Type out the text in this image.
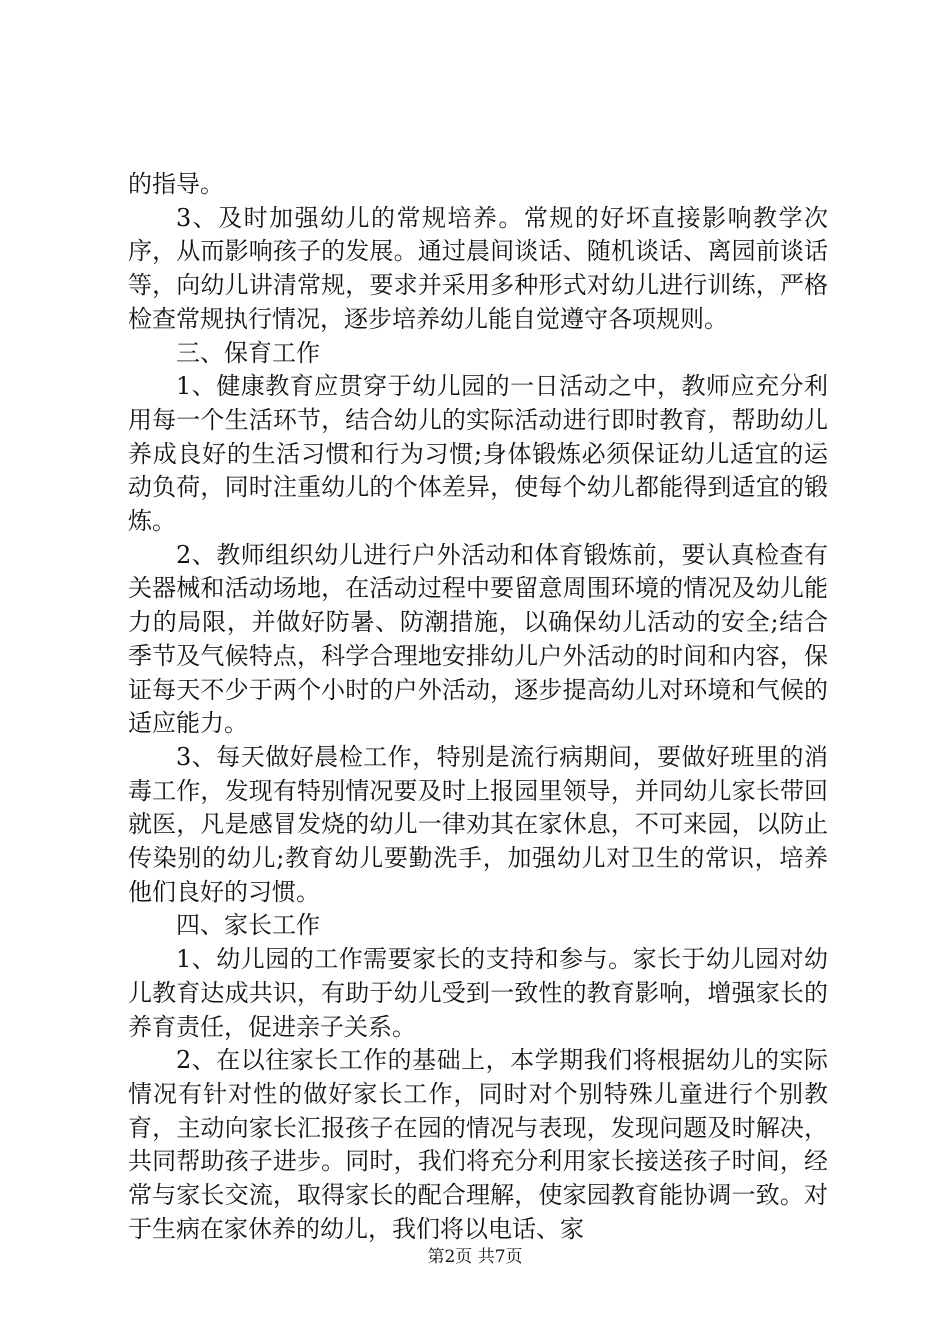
的指导。

3、及时加强幼儿的常规培养。常规的好坏直接影响教学次序，从而影响孩子的发展。通过晨间谈话、随机谈话、离园前谈话等，向幼儿讲清常规，要求并采用多种形式对幼儿进行训练，严格检查常规执行情况，逐步培养幼儿能自觉遵守各项规则。

三、保育工作

1、健康教育应贯穿于幼儿园的一日活动之中，教师应充分利用每一个生活环节，结合幼儿的实际活动进行即时教育，帮助幼儿养成良好的生活习惯和行为习惯;身体锻炼必须保证幼儿适宜的运动负荷，同时注重幼儿的个体差异，使每个幼儿都能得到适宜的锻炼。

2、教师组织幼儿进行户外活动和体育锻炼前，要认真检查有关器械和活动场地，在活动过程中要留意周围环境的情况及幼儿能力的局限，并做好防暑、防潮措施，以确保幼儿活动的安全;结合季节及气候特点，科学合理地安排幼儿户外活动的时间和内容，保证每天不少于两个小时的户外活动，逐步提高幼儿对环境和气候的适应能力。

3、每天做好晨检工作，特别是流行病期间，要做好班里的消毒工作，发现有特别情况要及时上报园里领导，并同幼儿家长带回就医，凡是感冒发烧的幼儿一律劝其在家休息，不可来园，以防止传染别的幼儿;教育幼儿要勤洗手，加强幼儿对卫生的常识，培养他们良好的习惯。

四、家长工作

1、幼儿园的工作需要家长的支持和参与。家长于幼儿园对幼儿教育达成共识，有助于幼儿受到一致性的教育影响，增强家长的养育责任，促进亲子关系。

2、在以往家长工作的基础上，本学期我们将根据幼儿的实际情况有针对性的做好家长工作，同时对个别特殊儿童进行个别教育，主动向家长汇报孩子在园的情况与表现，发现问题及时解决，共同帮助孩子进步。同时，我们将充分利用家长接送孩子时间，经常与家长交流，取得家长的配合理解，使家园教育能协调一致。对于生病在家休养的幼儿，我们将以电话、家

第2页 共7页
